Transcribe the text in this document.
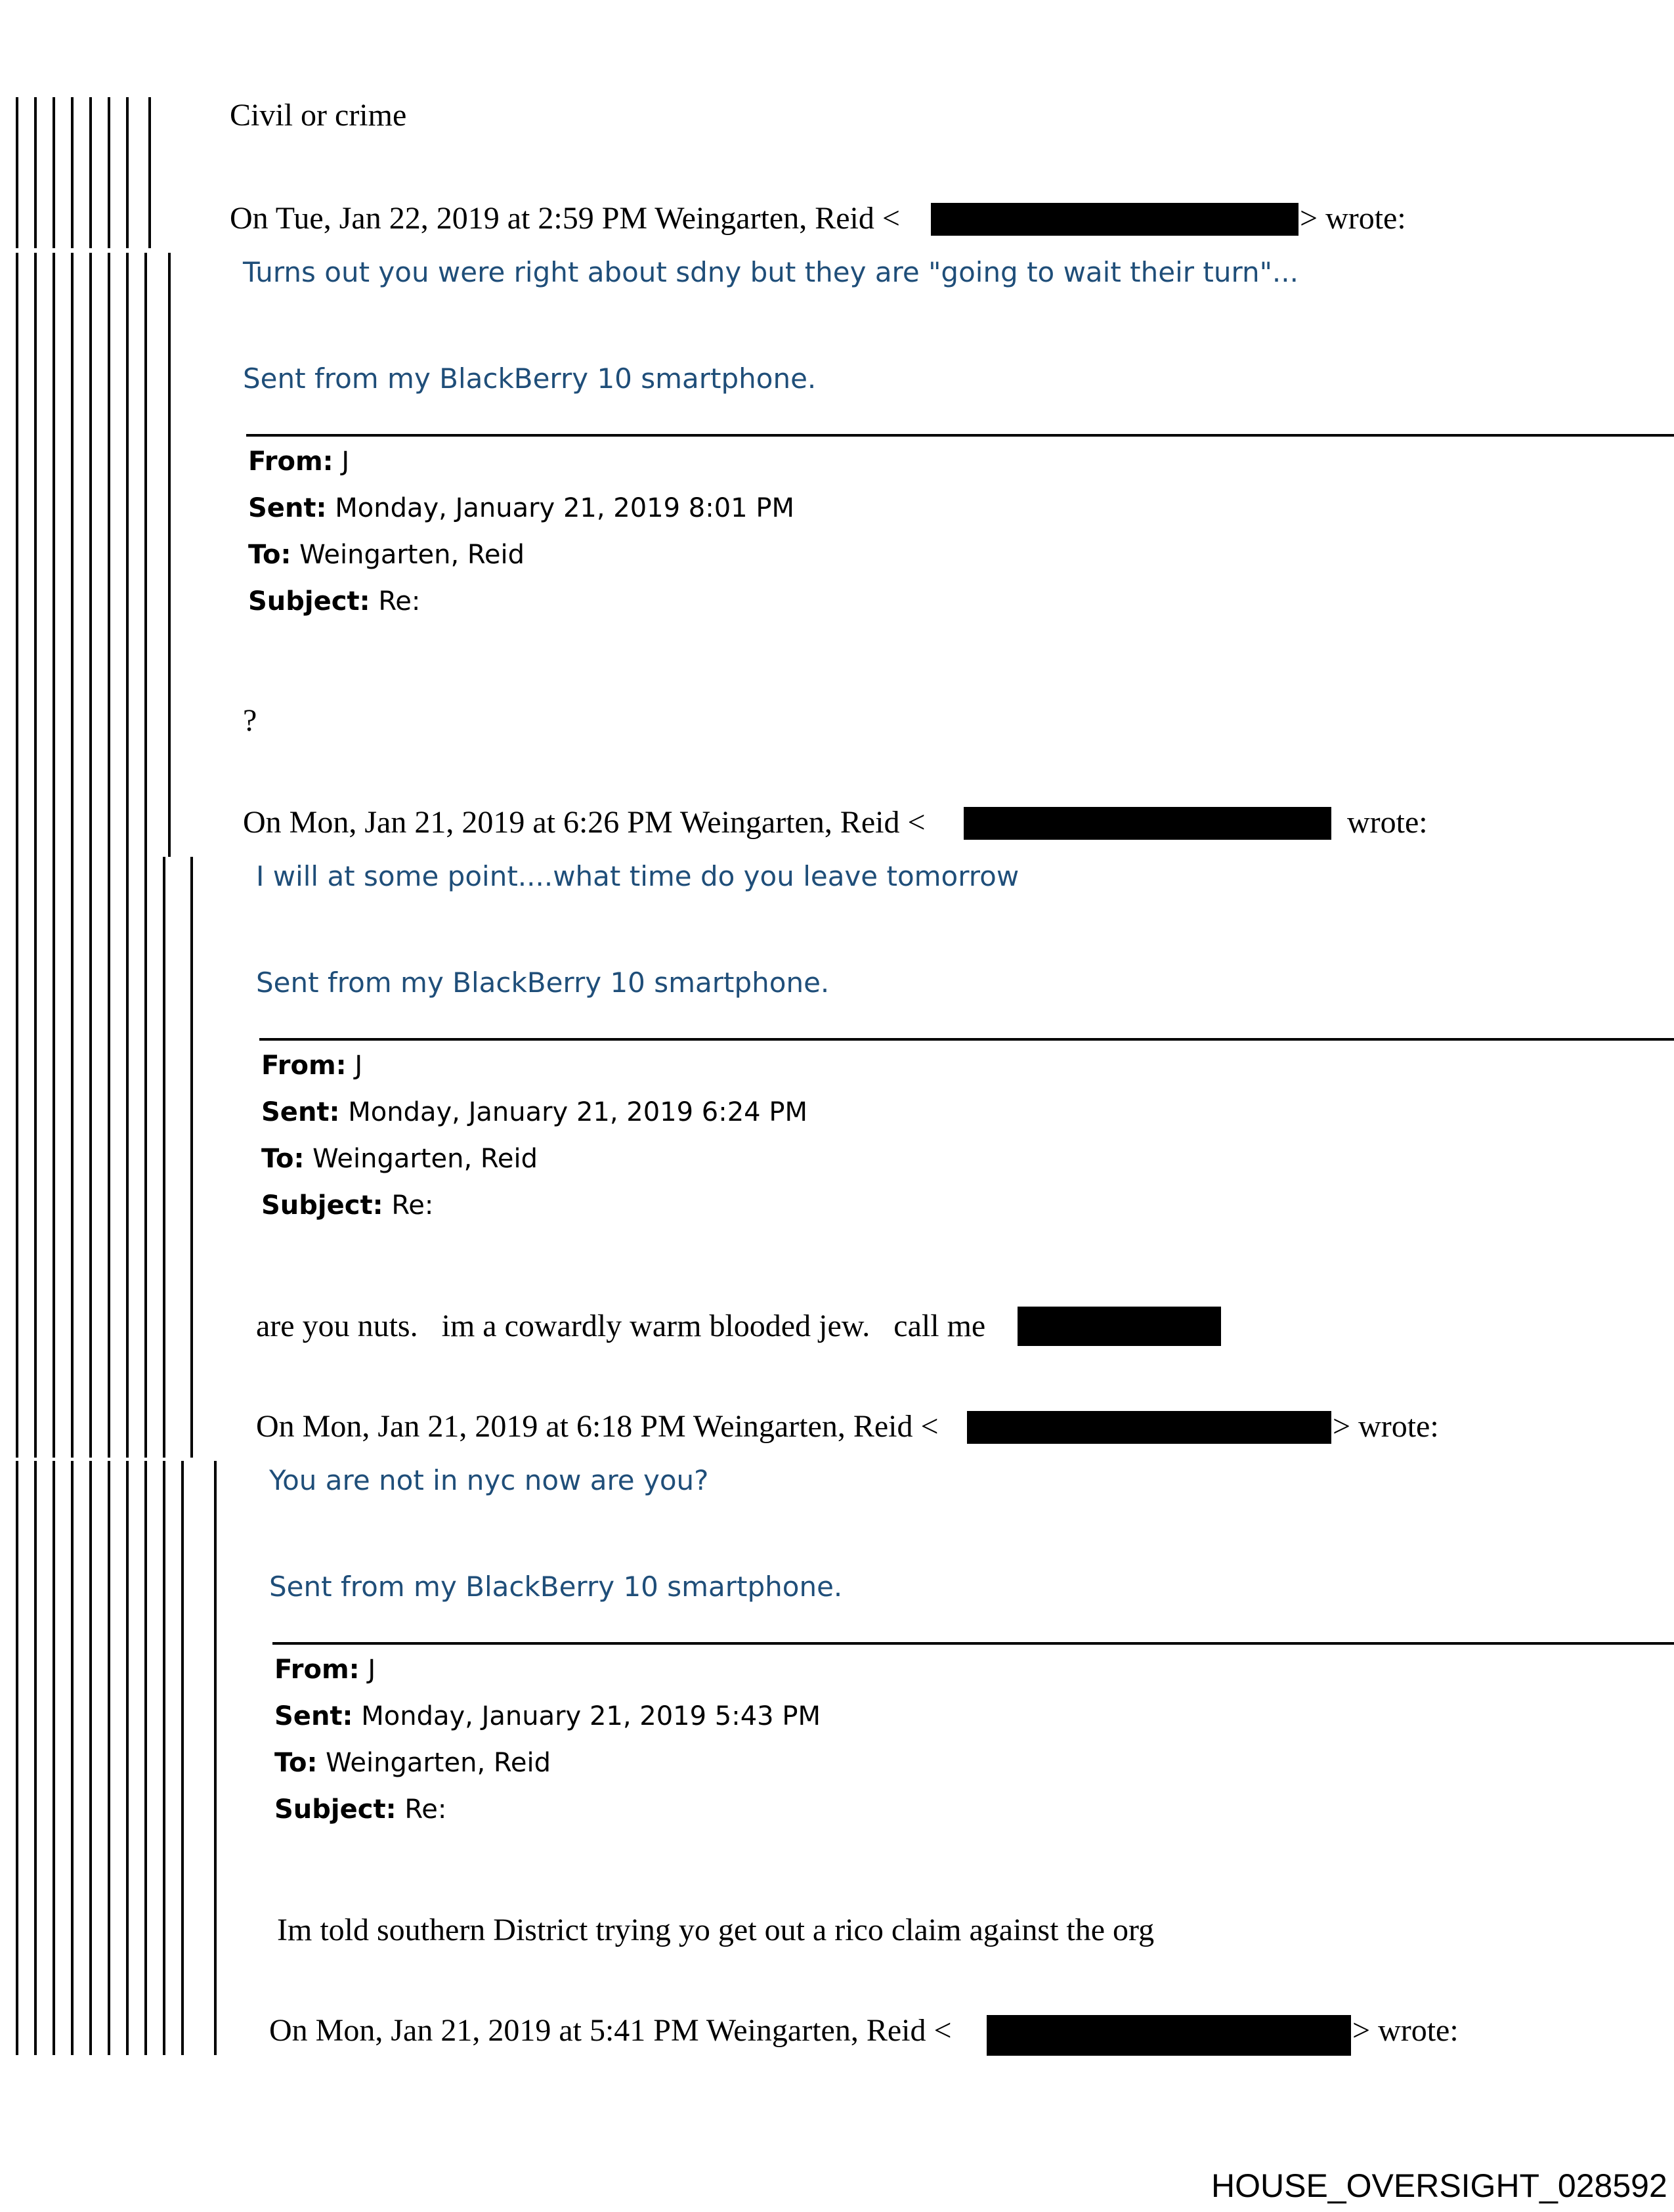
Civil or crime
On Tue, Jan 22, 2019 at 2:59 PM Weingarten, Reid <	> wrote:
Turns out you were right about sdny but they are "going to wait their turn"...
Sent from my BlackBerry 10 smartphone.
From: J
Sent: Monday, January 21, 2019 8:01 PM
To: Weingarten, Reid
Subject: Re:
?
On Mon, Jan 21, 2019 at 6:26 PM Weingarten, Reid <	wrote:
I will at some point....what time do you leave tomorrow
Sent from my BlackBerry 10 smartphone.
From: J
Sent: Monday, January 21, 2019 6:24 PM
To: Weingarten, Reid
Subject: Re:
are you nuts.   im a cowardly warm blooded jew.   call me
On Mon, Jan 21, 2019 at 6:18 PM Weingarten, Reid <	> wrote:
You are not in nyc now are you?
Sent from my BlackBerry 10 smartphone.
From: J
Sent: Monday, January 21, 2019 5:43 PM
To: Weingarten, Reid
Subject: Re:
Im told southern District trying yo get out a rico claim against the org
On Mon, Jan 21, 2019 at 5:41 PM Weingarten, Reid <	> wrote:
HOUSE_OVERSIGHT_028592
